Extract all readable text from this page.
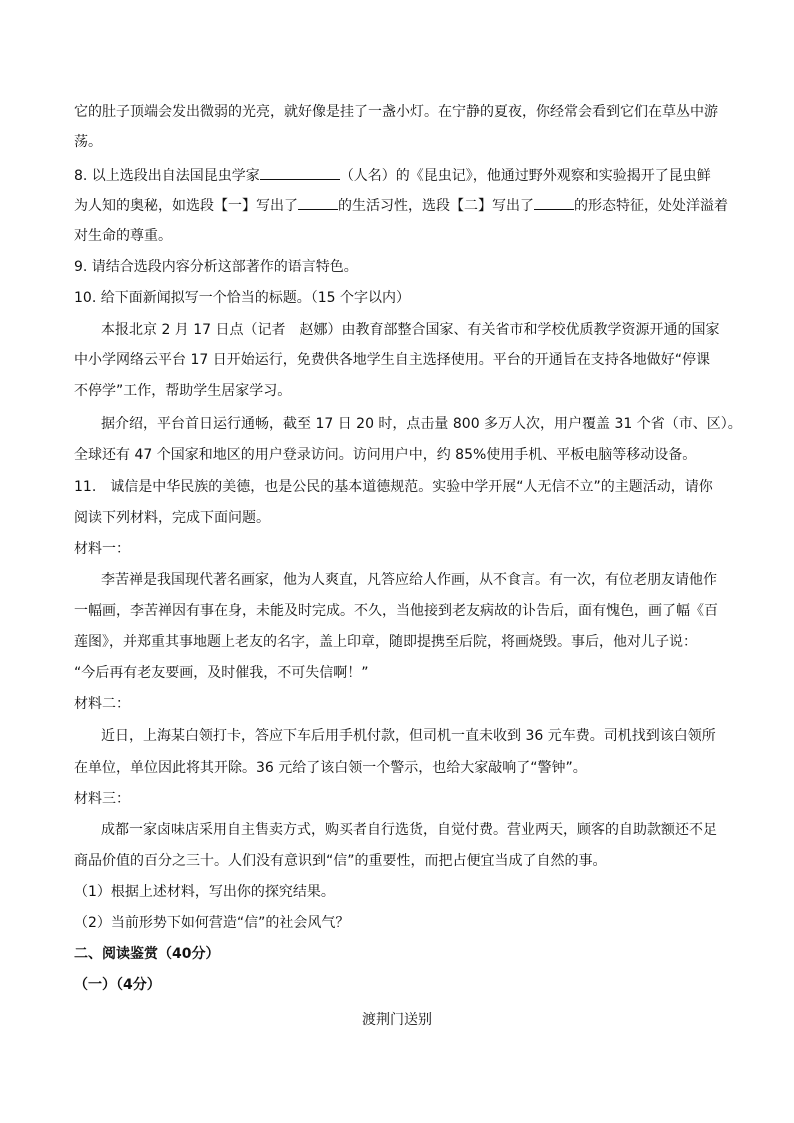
它的肚子顶端会发出微弱的光亮，就好像是挂了一盏小灯。在宁静的夏夜，你经常会看到它们在草丛中游
荡。
8. 以上选段出自法国昆虫学家	（人名）的《昆虫记》，他通过野外观察和实验揭开了昆虫鲜
为人知的奥秘，如选段【一】写出了	的生活习性，选段【二】写出了	的形态特征，处处洋溢着
对生命的尊重。
9. 请结合选段内容分析这部著作的语言特色。
10. 给下面新闻拟写一个恰当的标题。（15 个字以内）
本报北京 2 月 17 日点（记者　赵娜）由教育部整合国家、有关省市和学校优质教学资源开通的国家
中小学网络云平台 17 日开始运行，免费供各地学生自主选择使用。平台的开通旨在支持各地做好“停课
不停学”工作，帮助学生居家学习。
据介绍，平台首日运行通畅，截至 17 日 20 时，点击量 800 多万人次，用户覆盖 31 个省（市、区）。
全球还有 47 个国家和地区的用户登录访问。访问用户中，约 85%使用手机、平板电脑等移动设备。
11.　诚信是中华民族的美德，也是公民的基本道德规范。实验中学开展“人无信不立”的主题活动，请你
阅读下列材料，完成下面问题。
材料一：
李苦禅是我国现代著名画家，他为人爽直，凡答应给人作画，从不食言。有一次，有位老朋友请他作
一幅画，李苦禅因有事在身，未能及时完成。不久，当他接到老友病故的讣告后，面有愧色，画了幅《百
莲图》，并郑重其事地题上老友的名字，盖上印章，随即提携至后院，将画烧毁。事后，他对儿子说：
“今后再有老友要画，及时催我，不可失信啊！”
材料二：
近日，上海某白领打卡，答应下车后用手机付款，但司机一直未收到 36 元车费。司机找到该白领所
在单位，单位因此将其开除。36 元给了该白领一个警示，也给大家敲响了“警钟”。
材料三：
成都一家卤味店采用自主售卖方式，购买者自行选货，自觉付费。营业两天，顾客的自助款额还不足
商品价值的百分之三十。人们没有意识到“信”的重要性，而把占便宜当成了自然的事。
（1）根据上述材料，写出你的探究结果。
（2）当前形势下如何营造“信”的社会风气？
二、阅读鉴赏（40分）
（一）（4分）
渡荆门送别
